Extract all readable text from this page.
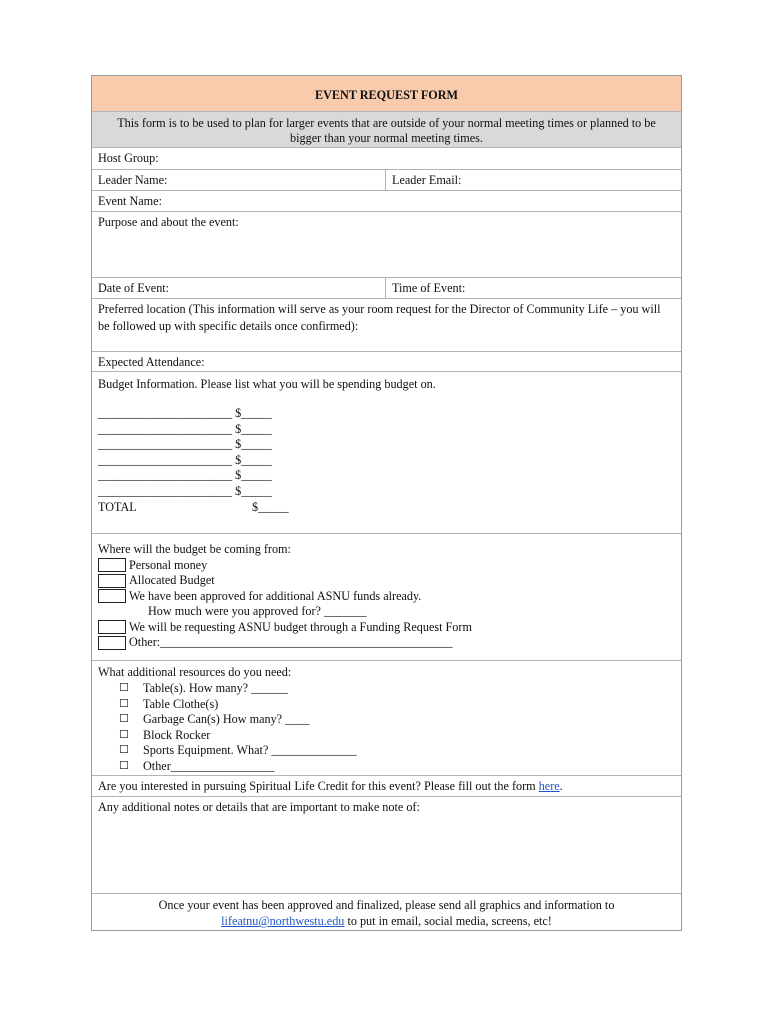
EVENT REQUEST FORM
This form is to be used to plan for larger events that are outside of your normal meeting times or planned to be bigger than your normal meeting times.
Host Group:
Leader Name:	Leader Email:
Event Name:
Purpose and about the event:
Date of Event:	Time of Event:
Preferred location (This information will serve as your room request for the Director of Community Life – you will be followed up with specific details once confirmed):
Expected Attendance:
Budget Information. Please list what you will be spending budget on.
______________________ $_____
______________________ $_____
______________________ $_____
______________________ $_____
______________________ $_____
______________________ $_____
TOTAL	$_____
Where will the budget be coming from:
Personal money
Allocated Budget
We have been approved for additional ASNU funds already.
How much were you approved for? _______
We will be requesting ASNU budget through a Funding Request Form
Other:________________________________________________
What additional resources do you need:
☐	Table(s). How many? ______
☐	Table Clothe(s)
☐	Garbage Can(s) How many? ____
☐	Block Rocker
☐	Sports Equipment. What? ______________
☐	Other_________________
Are you interested in pursuing Spiritual Life Credit for this event? Please fill out the form here.
Any additional notes or details that are important to make note of:
Once your event has been approved and finalized, please send all graphics and information to
lifeatnu@northwestu.edu to put in email, social media, screens, etc!
